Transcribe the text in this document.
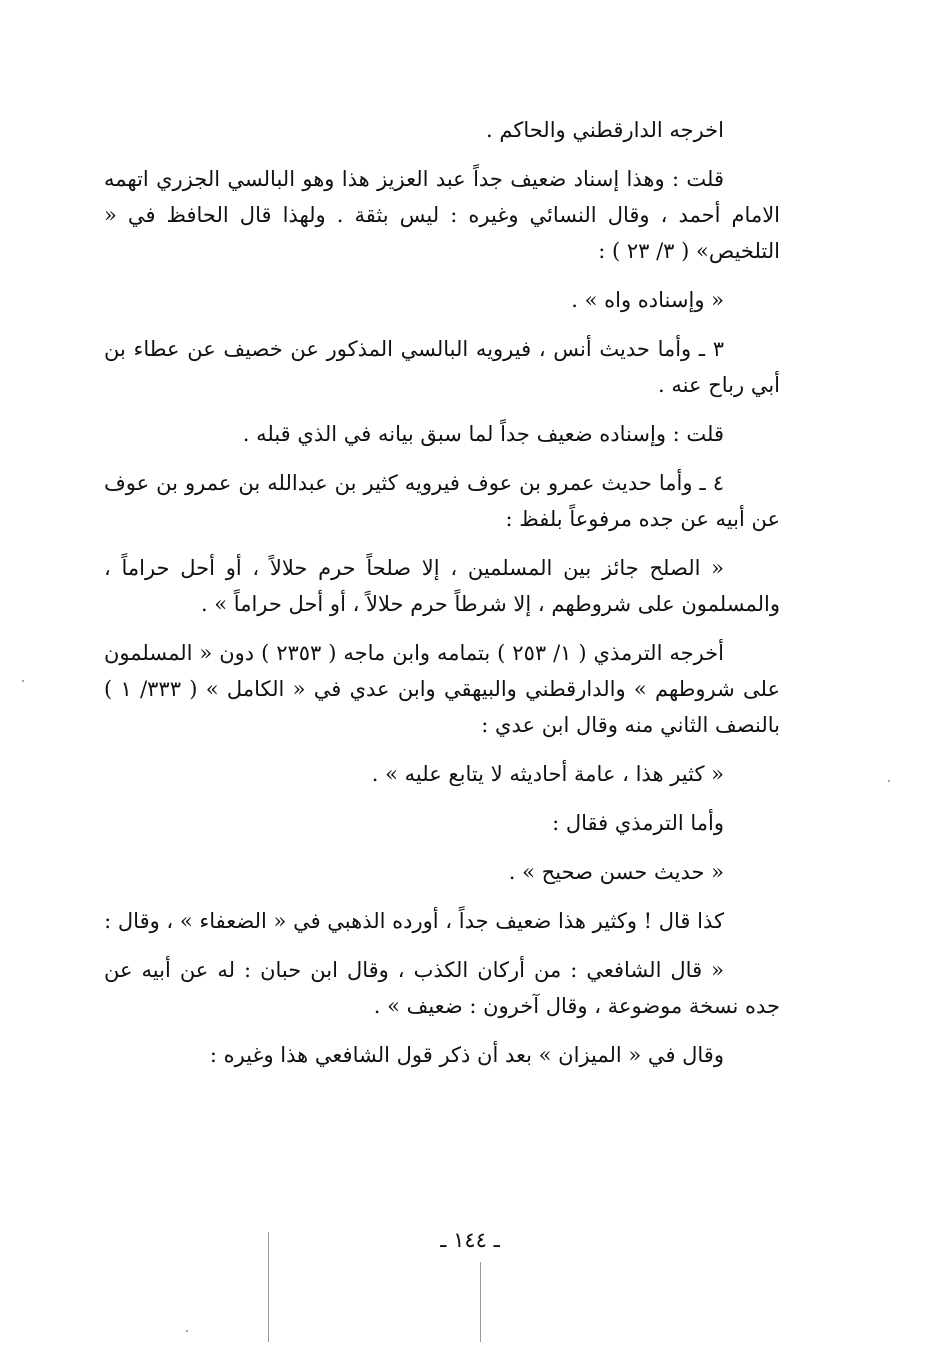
اخرجه الدارقطني والحاكم .

قلت : وهذا إسناد ضعيف جداً عبد العزيز هذا وهو البالسي الجزري اتهمه الامام أحمد ، وقال النسائي وغيره : ليس بثقة . ولهذا قال الحافظ في « التلخيص» ( ٣/ ٢٣ ) :

« وإسناده واه » .

٣ ـ وأما حديث أنس ، فيرويه البالسي المذكور عن خصيف عن عطاء بن أبي رباح عنه .

قلت : وإسناده ضعيف جداً لما سبق بيانه في الذي قبله .

٤ ـ وأما حديث عمرو بن عوف فيرويه كثير بن عبدالله بن عمرو بن عوف عن أبيه عن جده مرفوعاً بلفظ :

« الصلح جائز بين المسلمين ، إلا صلحاً حرم حلالاً ، أو أحل حراماً ، والمسلمون على شروطهم ، إلا شرطاً حرم حلالاً ، أو أحل حراماً » .

أخرجه الترمذي ( ١/ ٢٥٣ ) بتمامه وابن ماجه ( ٢٣٥٣ ) دون « المسلمون على شروطهم » والدارقطني والبيهقي وابن عدي في « الكامل » ( ٣٣٣/ ١ ) بالنصف الثاني منه وقال ابن عدي :

« كثير هذا ، عامة أحاديثه لا يتابع عليه » .

وأما الترمذي فقال :

« حديث حسن صحيح » .

كذا قال ! وكثير هذا ضعيف جداً ، أورده الذهبي في « الضعفاء » ، وقال :

« قال الشافعي : من أركان الكذب ، وقال ابن حبان : له عن أبيه عن جده نسخة موضوعة ، وقال آخرون : ضعيف » .

وقال في « الميزان » بعد أن ذكر قول الشافعي هذا وغيره :

ـ ١٤٤ ـ
